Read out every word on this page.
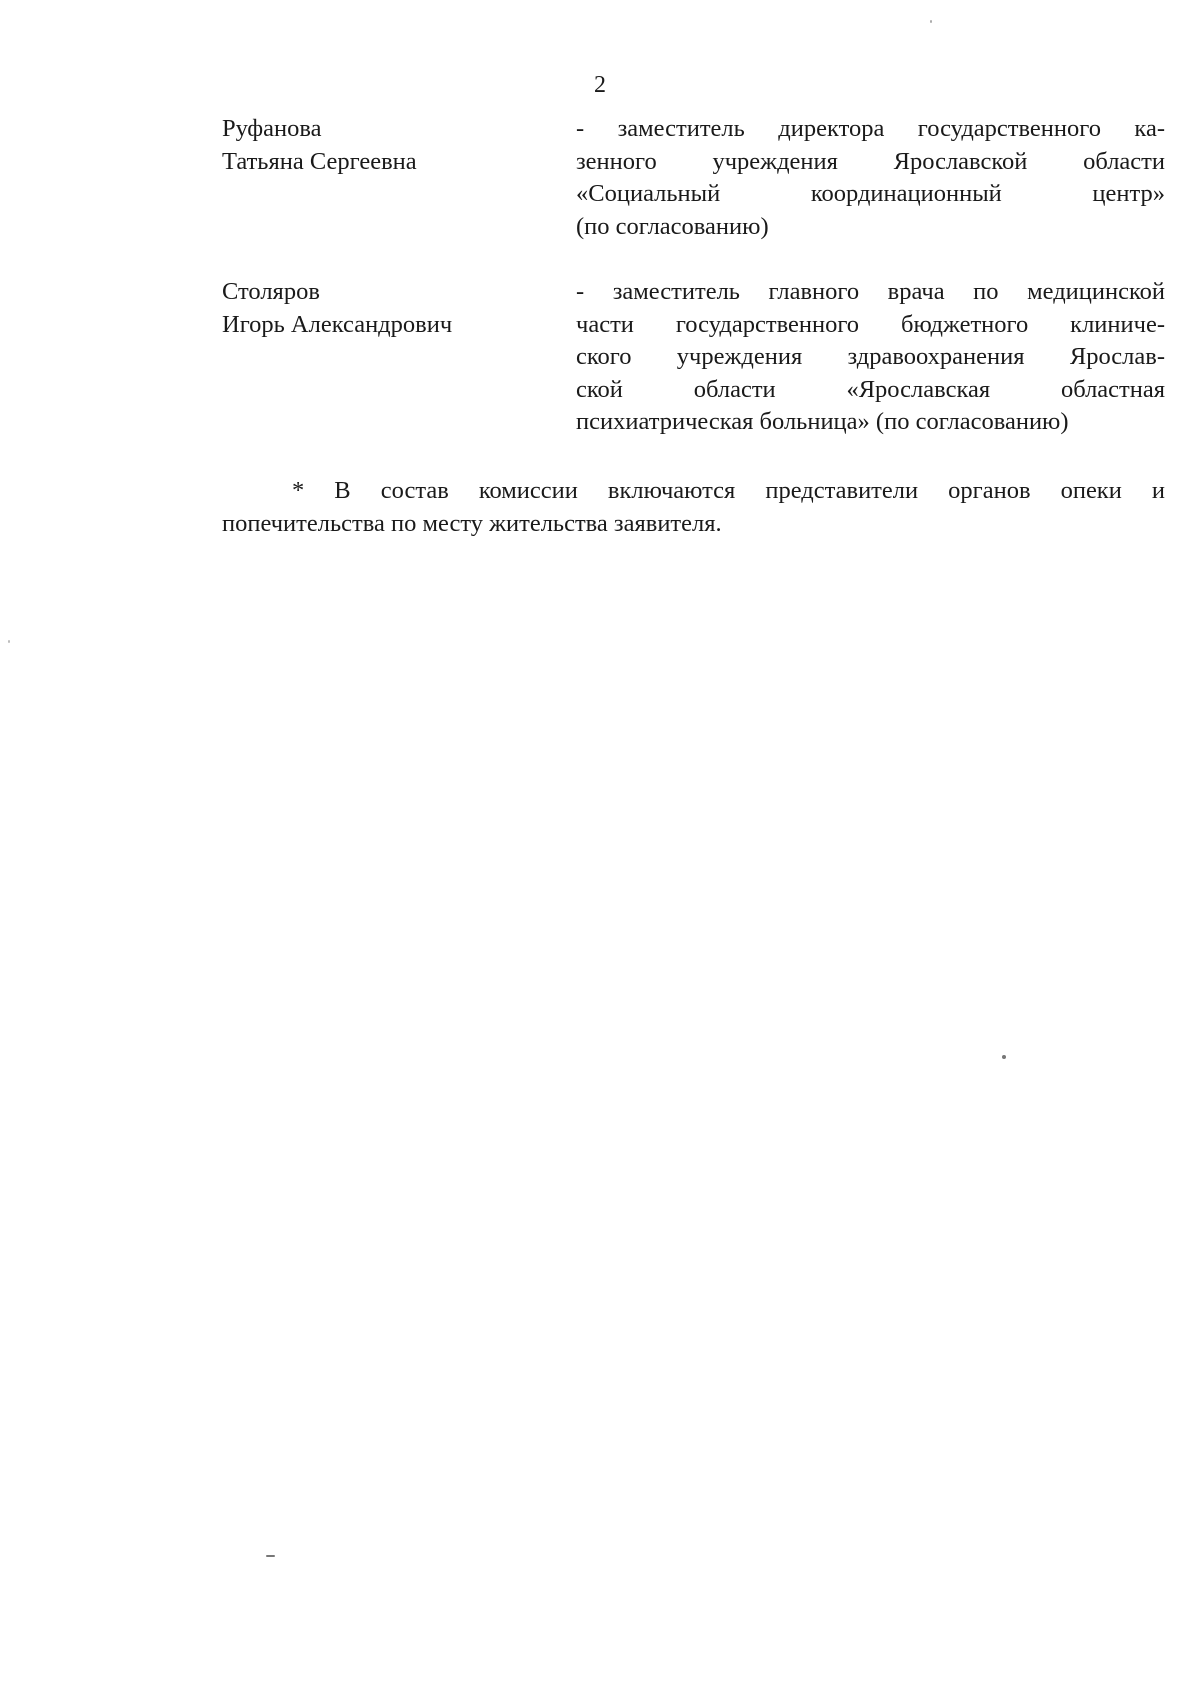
2
Руфанова
Татьяна Сергеевна
- заместитель директора государственного ка-
зенного учреждения Ярославской области
«Социальный координационный центр»
(по согласованию)
Столяров
Игорь Александрович
- заместитель главного врача по медицинской
части государственного бюджетного клиниче-
ского учреждения здравоохранения Ярослав-
ской области «Ярославская областная
психиатрическая больница» (по согласованию)
* В состав комиссии включаются представители органов опеки и
попечительства по месту жительства заявителя.
